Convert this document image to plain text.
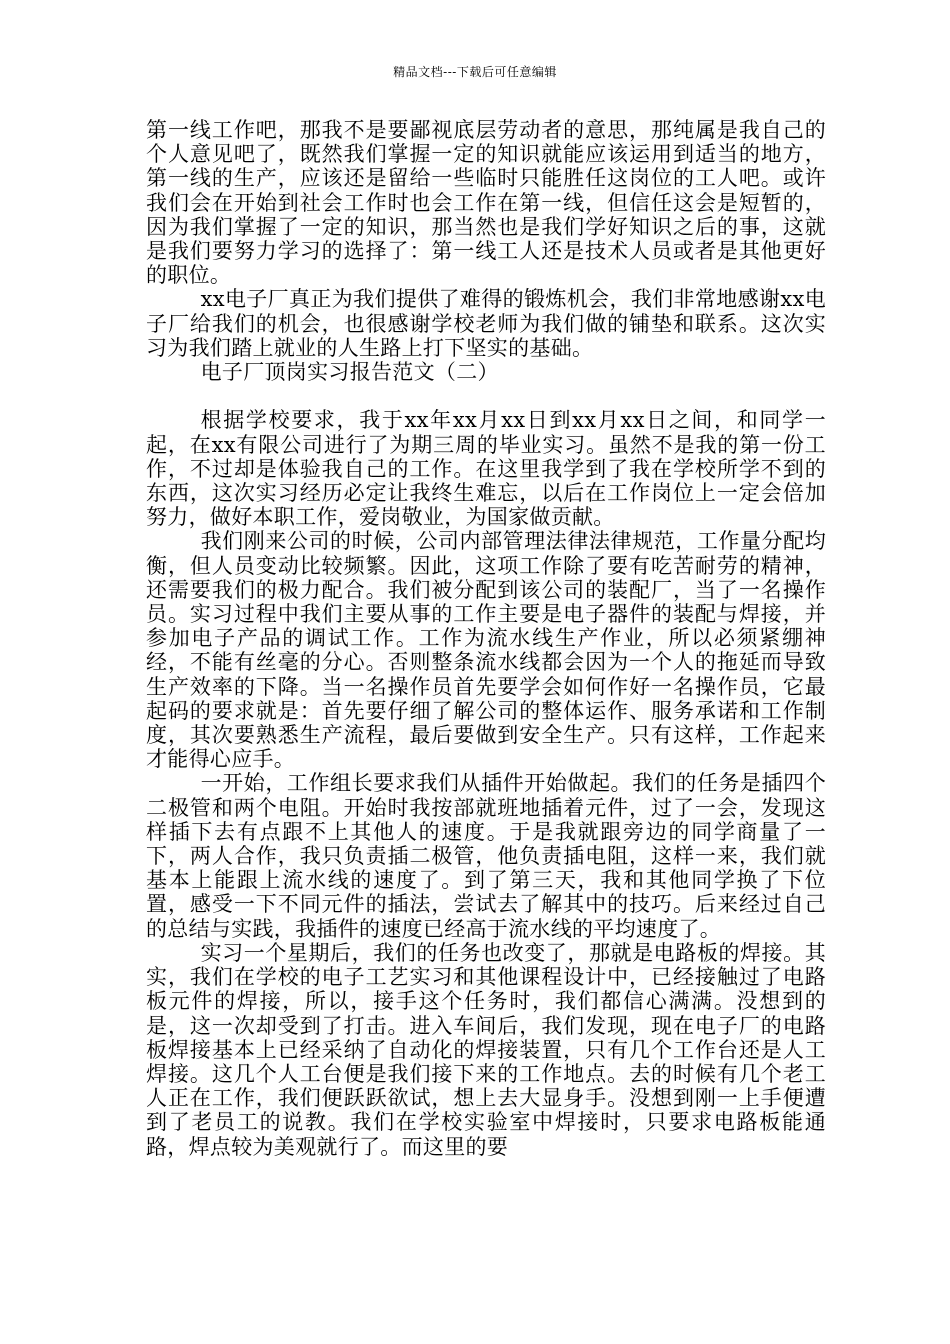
精品文档---下载后可任意编辑

第一线工作吧，那我不是要鄙视底层劳动者的意思，那纯属是我自己的个人意见吧了，既然我们掌握一定的知识就能应该运用到适当的地方，第一线的生产，应该还是留给一些临时只能胜任这岗位的工人吧。或许我们会在开始到社会工作时也会工作在第一线，但信任这会是短暂的，因为我们掌握了一定的知识，那当然也是我们学好知识之后的事，这就是我们要努力学习的选择了：第一线工人还是技术人员或者是其他更好的职位。

xx电子厂真正为我们提供了难得的锻炼机会，我们非常地感谢xx电子厂给我们的机会，也很感谢学校老师为我们做的铺垫和联系。这次实习为我们踏上就业的人生路上打下坚实的基础。

电子厂顶岗实习报告范文（二）

根据学校要求，我于xx年xx月xx日到xx月xx日之间，和同学一起，在xx有限公司进行了为期三周的毕业实习。虽然不是我的第一份工作，不过却是体验我自己的工作。在这里我学到了我在学校所学不到的东西，这次实习经历必定让我终生难忘，以后在工作岗位上一定会倍加努力，做好本职工作，爱岗敬业，为国家做贡献。

我们刚来公司的时候，公司内部管理法律法律规范，工作量分配均衡，但人员变动比较频繁。因此，这项工作除了要有吃苦耐劳的精神，还需要我们的极力配合。我们被分配到该公司的装配厂，当了一名操作员。实习过程中我们主要从事的工作主要是电子器件的装配与焊接，并参加电子产品的调试工作。工作为流水线生产作业，所以必须紧绷神经，不能有丝毫的分心。否则整条流水线都会因为一个人的拖延而导致生产效率的下降。当一名操作员首先要学会如何作好一名操作员，它最起码的要求就是：首先要仔细了解公司的整体运作、服务承诺和工作制度，其次要熟悉生产流程，最后要做到安全生产。只有这样，工作起来才能得心应手。

一开始，工作组长要求我们从插件开始做起。我们的任务是插四个二极管和两个电阻。开始时我按部就班地插着元件，过了一会，发现这样插下去有点跟不上其他人的速度。于是我就跟旁边的同学商量了一下，两人合作，我只负责插二极管，他负责插电阻，这样一来，我们就基本上能跟上流水线的速度了。到了第三天，我和其他同学换了下位置，感受一下不同元件的插法，尝试去了解其中的技巧。后来经过自己的总结与实践，我插件的速度已经高于流水线的平均速度了。

实习一个星期后，我们的任务也改变了，那就是电路板的焊接。其实，我们在学校的电子工艺实习和其他课程设计中，已经接触过了电路板元件的焊接，所以，接手这个任务时，我们都信心满满。没想到的是，这一次却受到了打击。进入车间后，我们发现，现在电子厂的电路板焊接基本上已经采纳了自动化的焊接装置，只有几个工作台还是人工焊接。这几个人工台便是我们接下来的工作地点。去的时候有几个老工人正在工作，我们便跃跃欲试，想上去大显身手。没想到刚一上手便遭到了老员工的说教。我们在学校实验室中焊接时，只要求电路板能通路，焊点较为美观就行了。而这里的要
